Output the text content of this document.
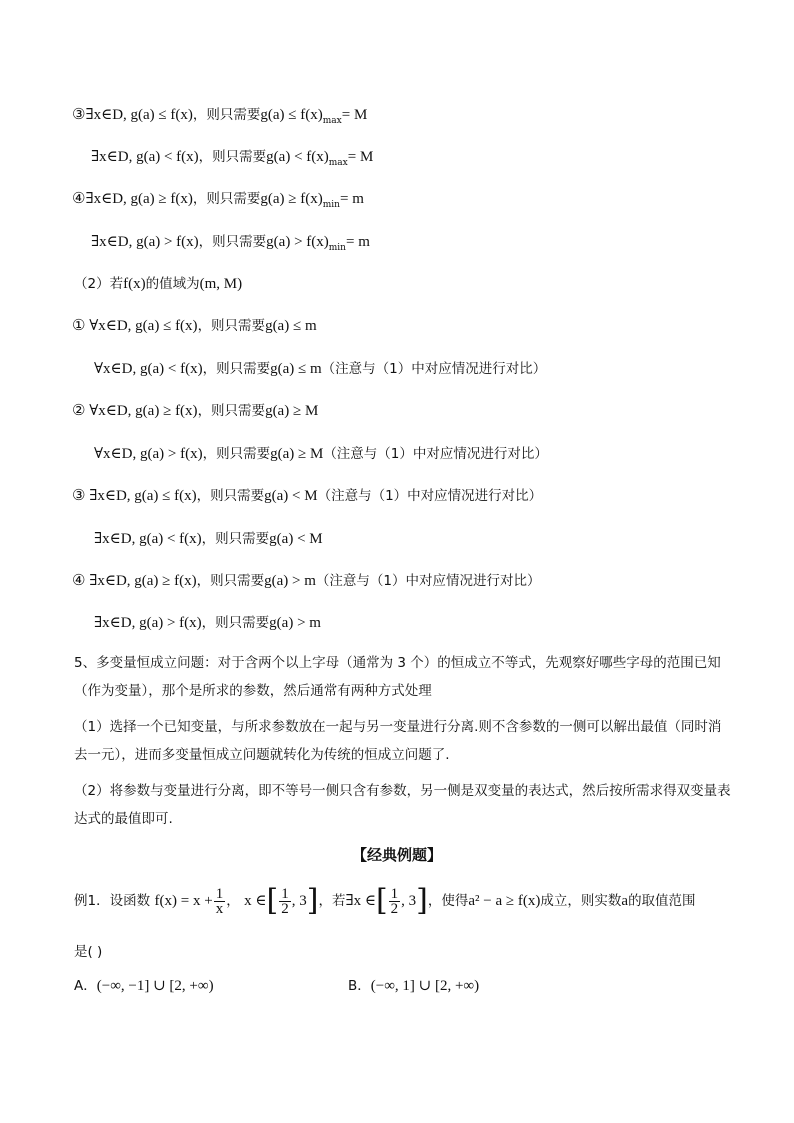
③∃x∈D, g(a) ≤ f(x)，则只需要$g(a) \le f(x)_{max}= M$
∃x∈D, g(a) < f(x)，则只需要$g(a) < f(x)_{max}= M$
④∃x∈D, g(a) ≥ f(x)，则只需要$g(a) \ge f(x)_{min}= m$
∃x∈D, g(a) > f(x)，则只需要$g(a) > f(x)_{min}= m$
（2）若f(x)的值域为(m, M)
① ∀x∈D, g(a) ≤ f(x)，则只需要g(a) ≤ m
∀x∈D, g(a) < f(x)，则只需要g(a) ≤ m（注意与（1）中对应情况进行对比）
② ∀x∈D, g(a) ≥ f(x)，则只需要g(a) ≥ M
∀x∈D, g(a) > f(x)，则只需要g(a) ≥ M（注意与（1）中对应情况进行对比）
③ ∃x∈D, g(a) ≤ f(x)，则只需要g(a) < M（注意与（1）中对应情况进行对比）
∃x∈D, g(a) < f(x)，则只需要g(a) < M
④ ∃x∈D, g(a) ≥ f(x)，则只需要g(a) > m（注意与（1）中对应情况进行对比）
∃x∈D, g(a) > f(x)，则只需要g(a) > m
5、多变量恒成立问题：对于含两个以上字母（通常为 3 个）的恒成立不等式，先观察好哪些字母的范围已知（作为变量），那个是所求的参数，然后通常有两种方式处理
（1）选择一个已知变量，与所求参数放在一起与另一变量进行分离.则不含参数的一侧可以解出最值（同时消去一元），进而多变量恒成立问题就转化为传统的恒成立问题了.
（2）将参数与变量进行分离，即不等号一侧只含有参数，另一侧是双变量的表达式，然后按所需求得双变量表达式的最值即可.
【经典例题】
例1．设函数 $f(x) = x + \frac{1}{x}$ ， x ∈[ $\frac{1}{2}$ , 3]，若∃x ∈[ $\frac{1}{2}$ , 3]，使得a² − a ≥ f(x)成立，则实数a的取值范围
是( )
A．(−∞, −1] ∪ [2, +∞)	B．(−∞, 1] ∪ [2, +∞)
